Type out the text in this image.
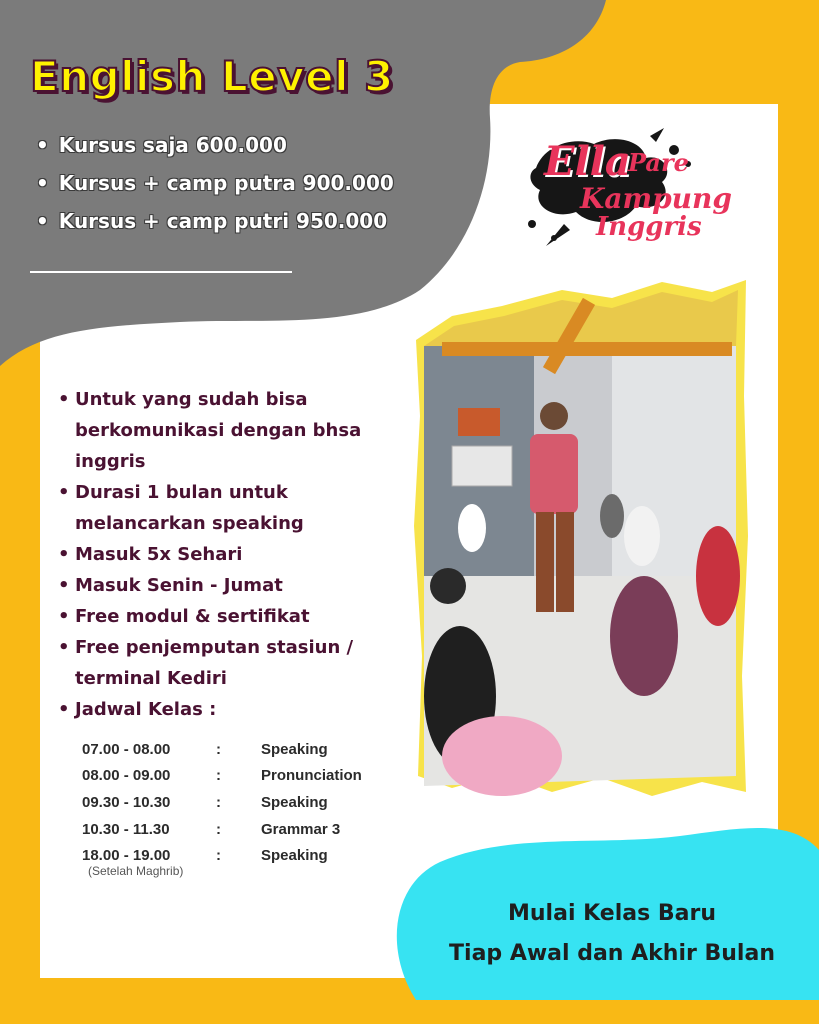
English Level 3
• Kursus saja 600.000
• Kursus + camp putra 900.000
• Kursus + camp putri 950.000
Ella
Pare
Kampung
Inggris
• Untuk yang sudah bisa berkomunikasi dengan bhsa inggris
• Durasi 1 bulan untuk melancarkan speaking
• Masuk 5x Sehari
• Masuk Senin - Jumat
• Free modul & sertifikat
• Free penjemputan stasiun / terminal Kediri
• Jadwal Kelas :
07.00 - 08.00	:	Speaking
08.00 - 09.00	:	Pronunciation
09.30 - 10.30	:	Speaking
10.30 - 11.30	:	Grammar 3
18.00 - 19.00	:	Speaking
(Setelah Maghrib)
Mulai Kelas Baru
Tiap Awal dan Akhir Bulan
